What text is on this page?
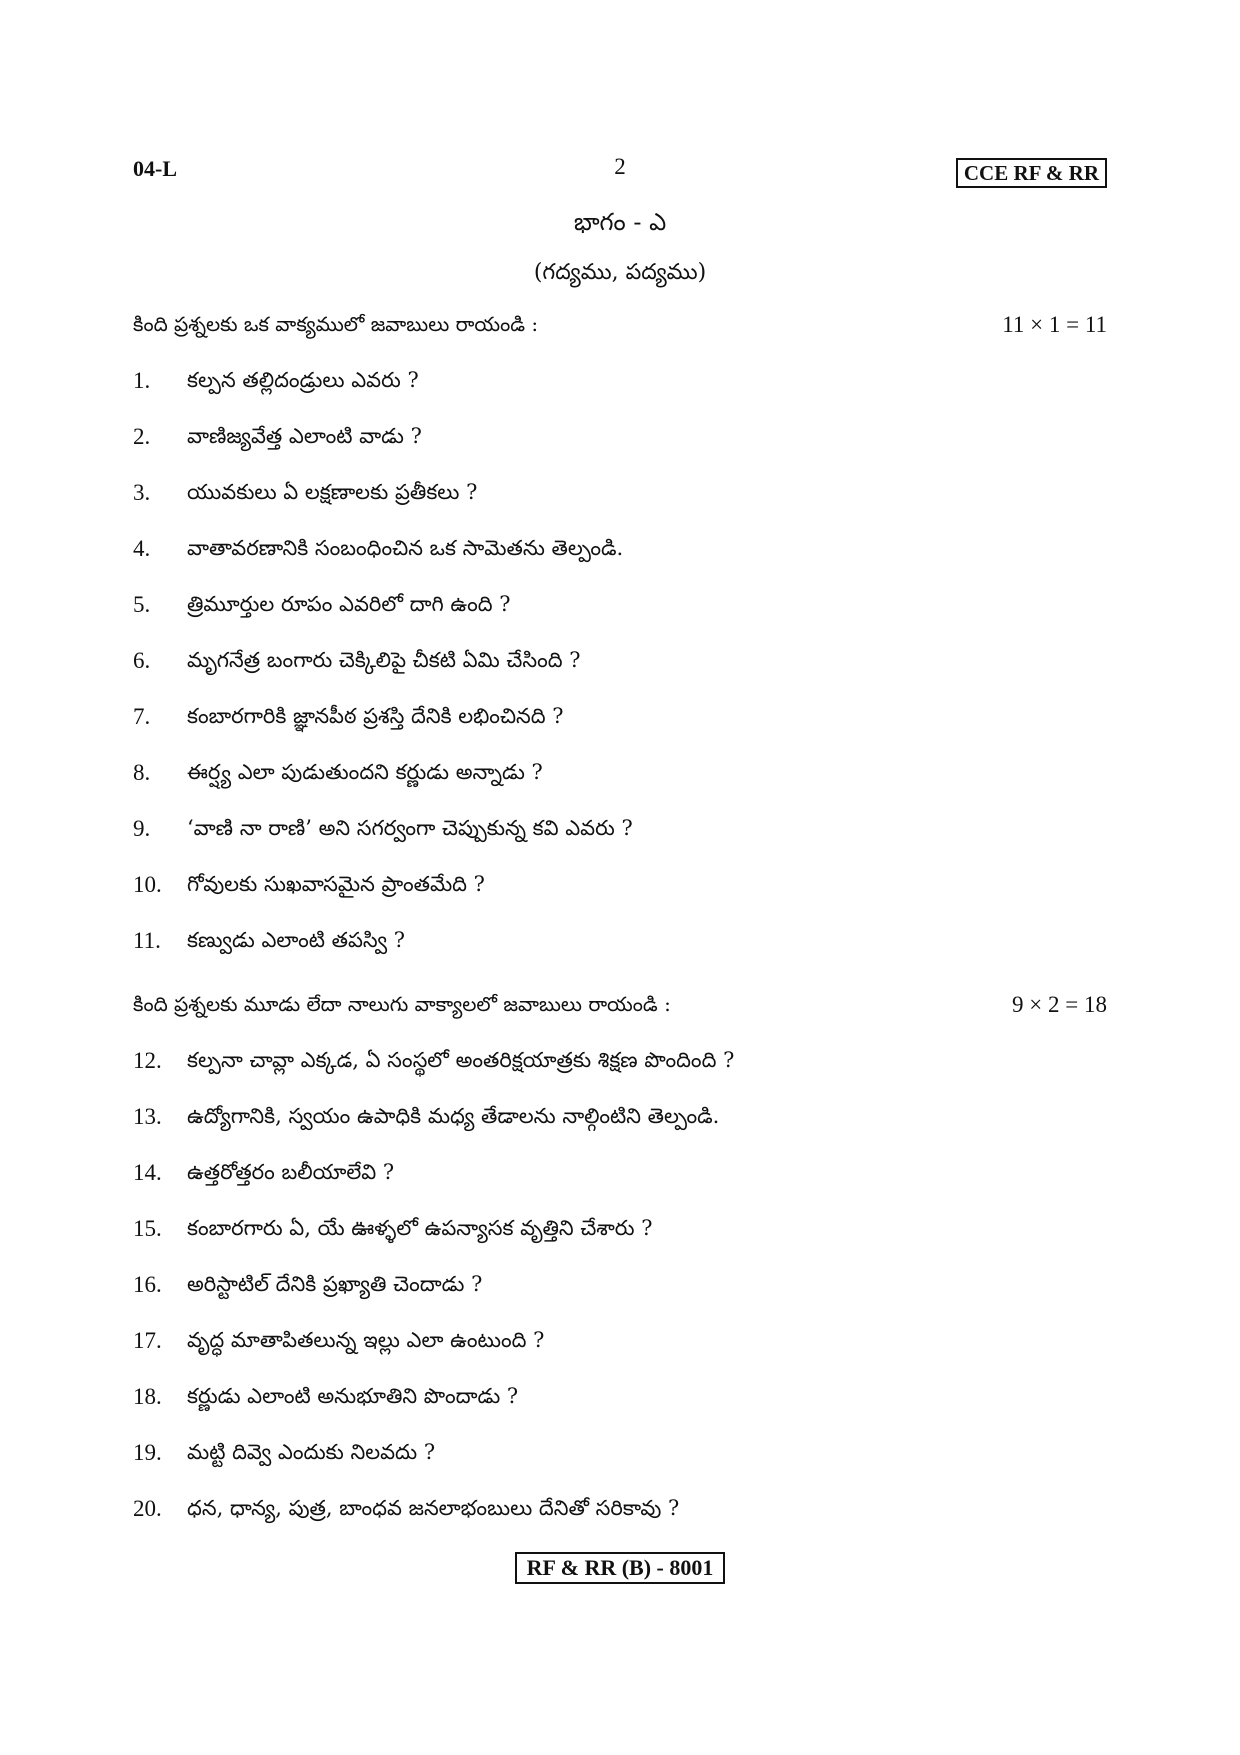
04-L	2	CCE RF & RR
భాగం - ఎ
(గద్యము, పద్యము)
కింది ప్రశ్నలకు ఒక వాక్యములో జవాబులు రాయండి :	11 × 1 = 11
1.	కల్పన తల్లిదండ్రులు ఎవరు ?
2.	వాణిజ్యవేత్త ఎలాంటి వాడు ?
3.	యువకులు ఏ లక్షణాలకు ప్రతీకలు ?
4.	వాతావరణానికి సంబంధించిన ఒక సామెతను తెల్పండి.
5.	త్రిమూర్తుల రూపం ఎవరిలో దాగి ఉంది ?
6.	మృగనేత్ర బంగారు చెక్కిలిపై చీకటి ఏమి చేసింది ?
7.	కంబారగారికి జ్ఞానపీఠ ప్రశస్తి దేనికి లభించినది ?
8.	ఈర్ష్య ఎలా పుడుతుందని కర్ణుడు అన్నాడు ?
9.	‘వాణి నా రాణి’ అని సగర్వంగా చెప్పుకున్న కవి ఎవరు ?
10.	గోవులకు సుఖవాసమైన ప్రాంతమేది ?
11.	కణ్వుడు ఎలాంటి తపస్వి ?
కింది ప్రశ్నలకు మూడు లేదా నాలుగు వాక్యాలలో జవాబులు రాయండి :	9 × 2 = 18
12.	కల్పనా చావ్లా ఎక్కడ, ఏ సంస్థలో అంతరిక్షయాత్రకు శిక్షణ పొందింది ?
13.	ఉద్యోగానికి, స్వయం ఉపాధికి మధ్య తేడాలను నాల్గింటిని తెల్పండి.
14.	ఉత్తరోత్తరం బలీయాలేవి ?
15.	కంబారగారు ఏ, యే ఊళ్ళలో ఉపన్యాసక వృత్తిని చేశారు ?
16.	అరిస్టాటిల్ దేనికి ప్రఖ్యాతి చెందాడు ?
17.	వృద్ధ మాతాపితలున్న ఇల్లు ఎలా ఉంటుంది ?
18.	కర్ణుడు ఎలాంటి అనుభూతిని పొందాడు ?
19.	మట్టి దివ్వె ఎందుకు నిలవదు ?
20.	ధన, ధాన్య, పుత్ర, బాంధవ జనలాభంబులు దేనితో సరికావు ?
RF & RR (B) - 8001
